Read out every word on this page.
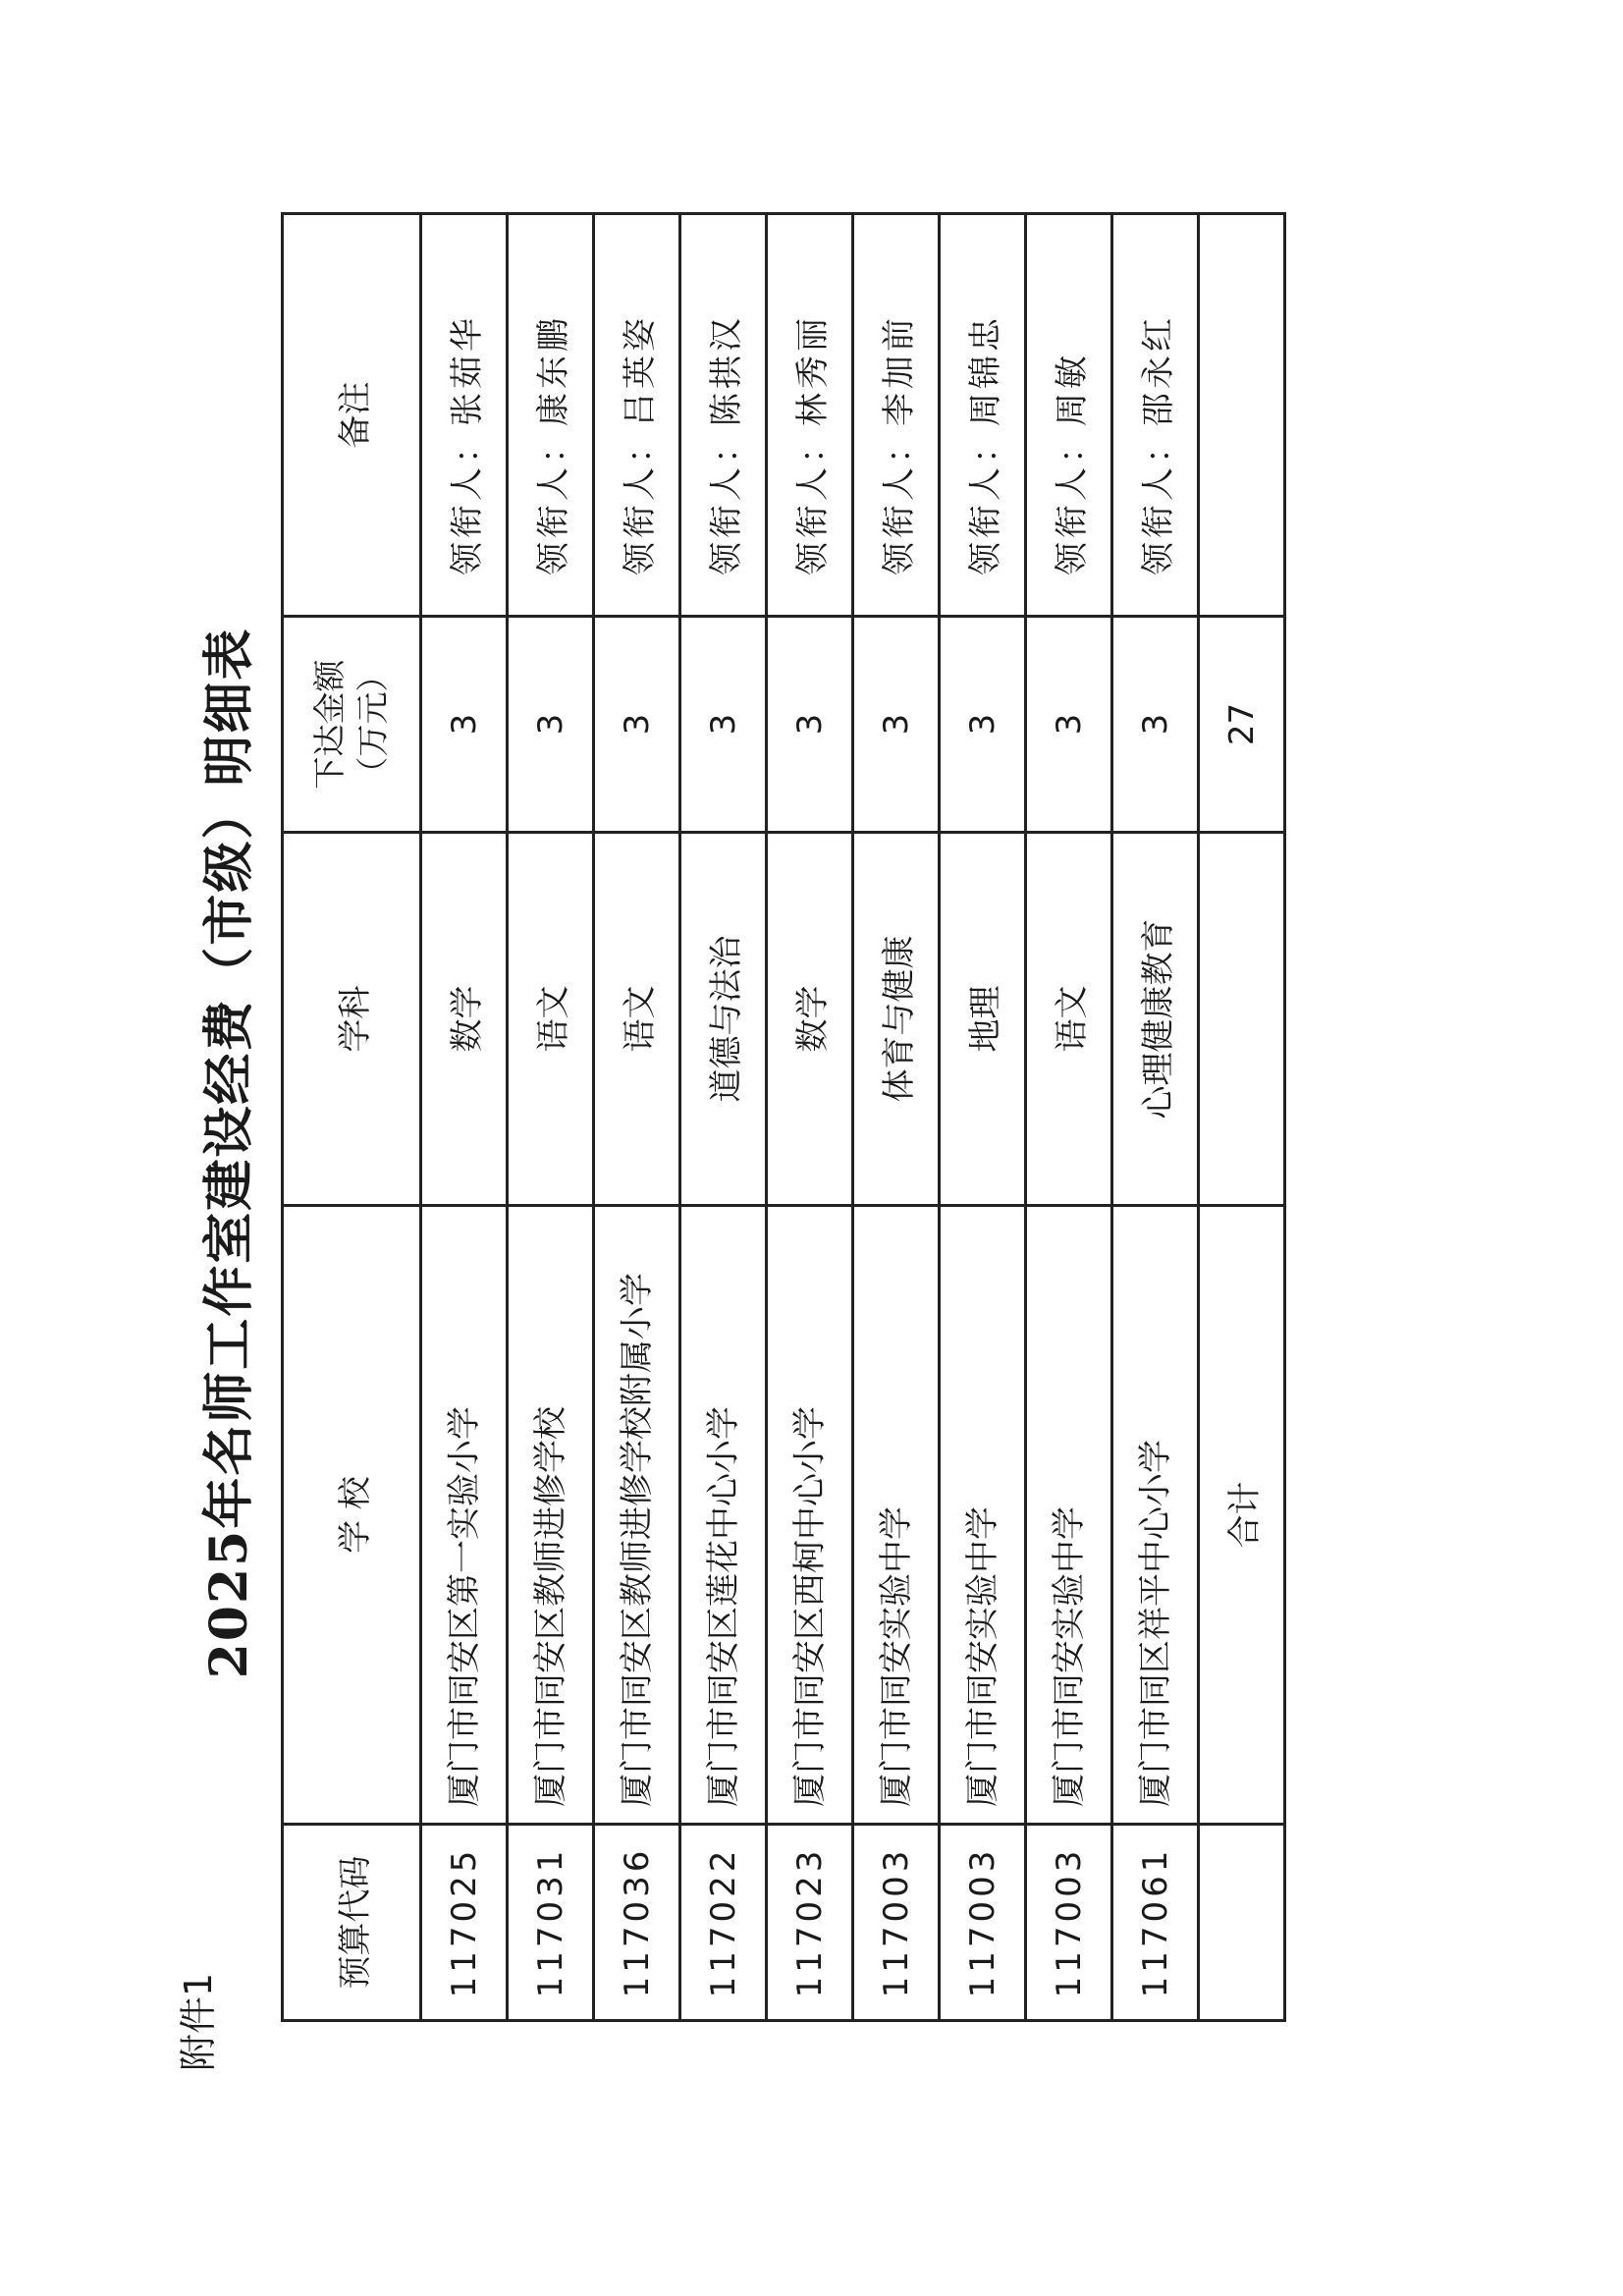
附件1
2025年名师工作室建设经费（市级）明细表
预算代码	学 校	学科	下达金额（万元）	备注
117025	厦门市同安区第一实验小学	数学	3	领衔人：张茹华
117031	厦门市同安区教师进修学校	语文	3	领衔人：康东鹏
117036	厦门市同安区教师进修学校附属小学	语文	3	领衔人：吕英姿
117022	厦门市同安区莲花中心小学	道德与法治	3	领衔人：陈拱汉
117023	厦门市同安区西柯中心小学	数学	3	领衔人：林秀丽
117003	厦门市同安实验中学	体育与健康	3	领衔人：李加前
117003	厦门市同安实验中学	地理	3	领衔人：周锦忠
117003	厦门市同安实验中学	语文	3	领衔人：周敏
117061	厦门市同区祥平中心小学	心理健康教育	3	领衔人：邵永红
	合计		27	
